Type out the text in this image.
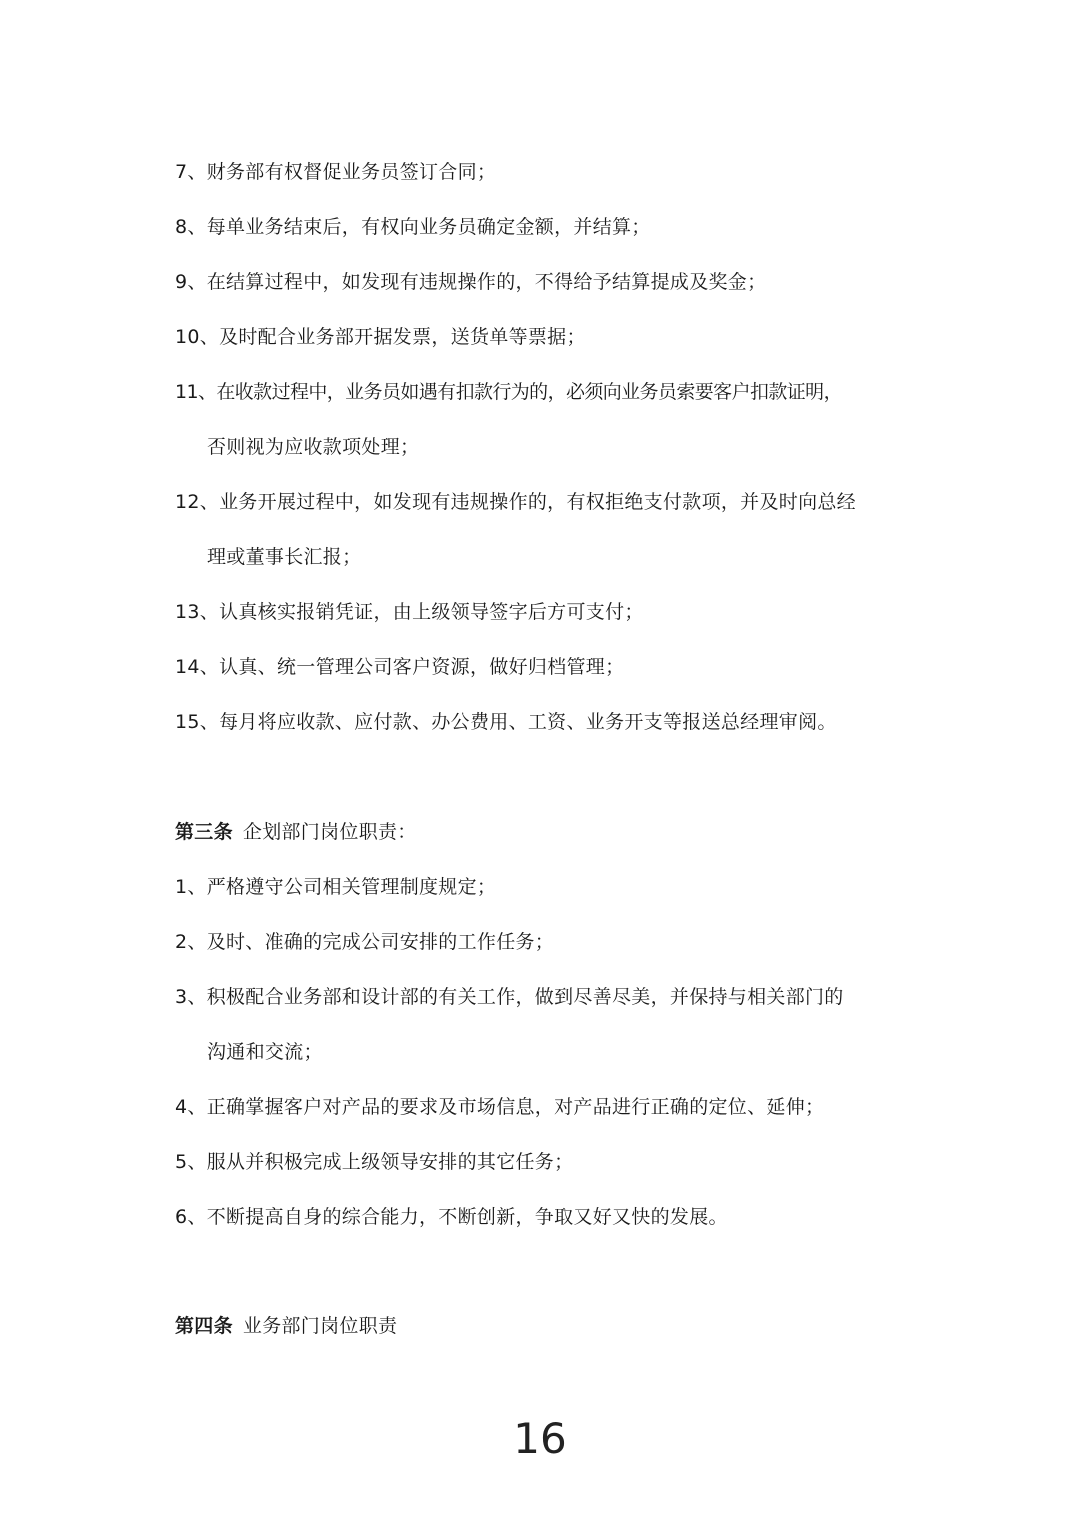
7、财务部有权督促业务员签订合同；
8、每单业务结束后，有权向业务员确定金额，并结算；
9、在结算过程中，如发现有违规操作的，不得给予结算提成及奖金；
10、及时配合业务部开据发票，送货单等票据；
11、在收款过程中，业务员如遇有扣款行为的，必须向业务员索要客户扣款证明，
否则视为应收款项处理；
12、业务开展过程中，如发现有违规操作的，有权拒绝支付款项，并及时向总经
理或董事长汇报；
13、认真核实报销凭证，由上级领导签字后方可支付；
14、认真、统一管理公司客户资源，做好归档管理；
15、每月将应收款、应付款、办公费用、工资、业务开支等报送总经理审阅。
第三条 企划部门岗位职责：
1、严格遵守公司相关管理制度规定；
2、及时、准确的完成公司安排的工作任务；
3、积极配合业务部和设计部的有关工作，做到尽善尽美，并保持与相关部门的
沟通和交流；
4、正确掌握客户对产品的要求及市场信息，对产品进行正确的定位、延伸；
5、服从并积极完成上级领导安排的其它任务；
6、不断提高自身的综合能力，不断创新，争取又好又快的发展。
第四条 业务部门岗位职责
16
